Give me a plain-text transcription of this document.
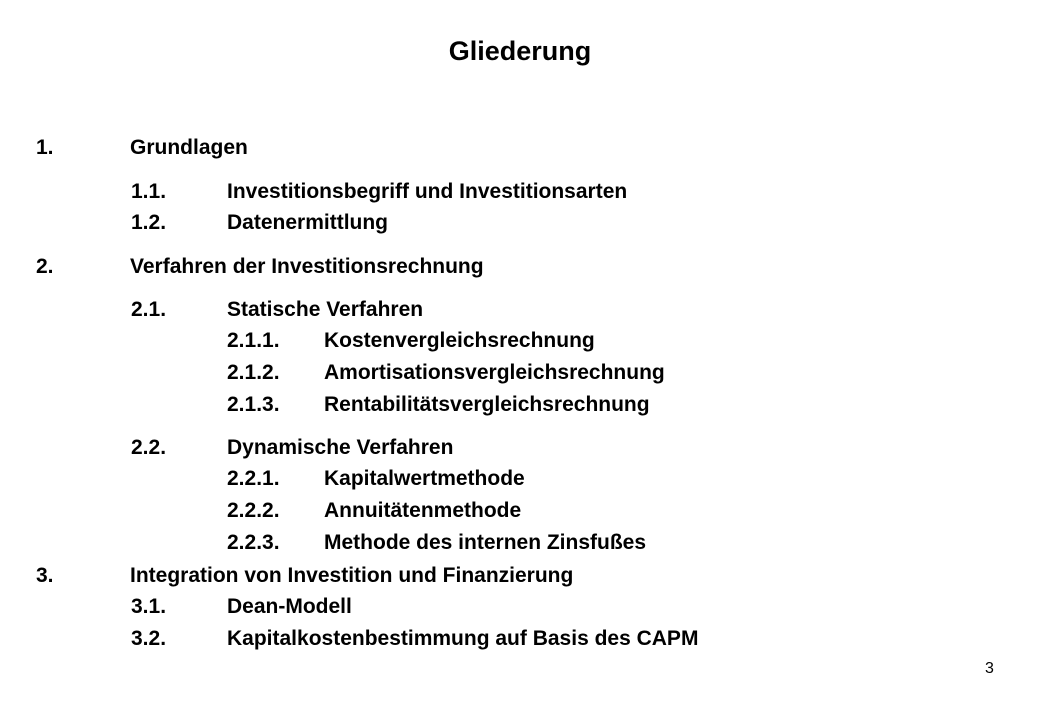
Gliederung
1.	Grundlagen
1.1.	Investitionsbegriff und Investitionsarten
1.2.	Datenermittlung
2.	Verfahren der Investitionsrechnung
2.1.	Statische Verfahren
2.1.1. Kostenvergleichsrechnung
2.1.2. Amortisationsvergleichsrechnung
2.1.3. Rentabilitätsvergleichsrechnung
2.2.	Dynamische Verfahren
2.2.1. Kapitalwertmethode
2.2.2. Annuitätenmethode
2.2.3. Methode des internen Zinsfußes
3.	Integration von Investition und Finanzierung
3.1.	Dean-Modell
3.2.	Kapitalkostenbestimmung auf Basis des CAPM
3
